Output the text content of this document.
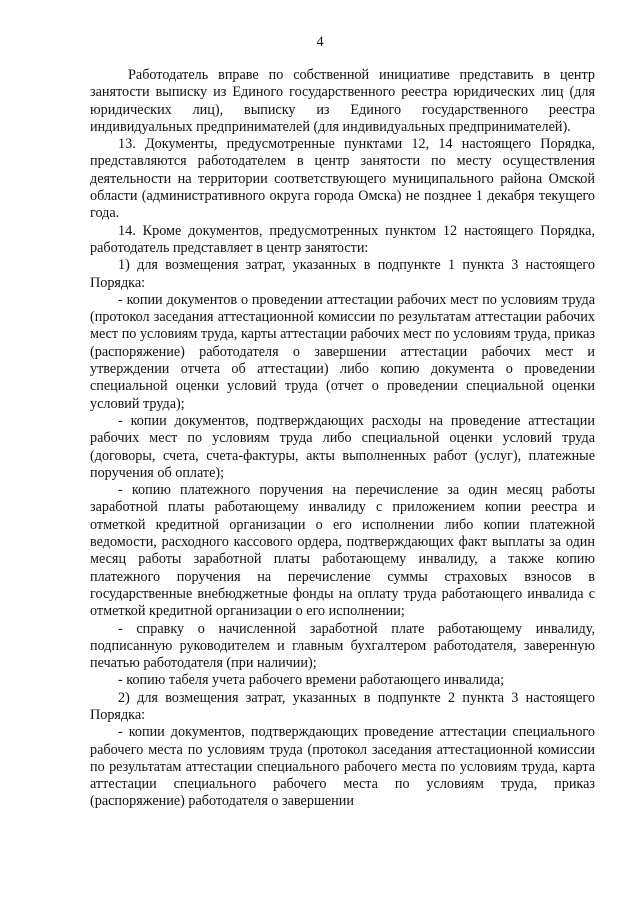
4

Работодатель вправе по собственной инициативе представить в центр занятости выписку из Единого государственного реестра юридических лиц (для юридических лиц), выписку из Единого государственного реестра индивидуальных предпринимателей (для индивидуальных предпринимателей).

13. Документы, предусмотренные пунктами 12, 14 настоящего Порядка, представляются работодателем в центр занятости по месту осуществления деятельности на территории соответствующего муниципального района Омской области (административного округа города Омска) не позднее 1 декабря текущего года.

14. Кроме документов, предусмотренных пунктом 12 настоящего Порядка, работодатель представляет в центр занятости:

1) для возмещения затрат, указанных в подпункте 1 пункта 3 настоящего Порядка:

- копии документов о проведении аттестации рабочих мест по условиям труда (протокол заседания аттестационной комиссии по результатам аттестации рабочих мест по условиям труда, карты аттестации рабочих мест по условиям труда, приказ (распоряжение) работодателя о завершении аттестации рабочих мест и утверждении отчета об аттестации) либо копию документа о проведении специальной оценки условий труда (отчет о проведении специальной оценки условий труда);

- копии документов, подтверждающих расходы на проведение аттестации рабочих мест по условиям труда либо специальной оценки условий труда (договоры, счета, счета-фактуры, акты выполненных работ (услуг), платежные поручения об оплате);

- копию платежного поручения на перечисление за один месяц работы заработной платы работающему инвалиду с приложением копии реестра и отметкой кредитной организации о его исполнении либо копии платежной ведомости, расходного кассового ордера, подтверждающих факт выплаты за один месяц работы заработной платы работающему инвалиду, а также копию платежного поручения на перечисление суммы страховых взносов в государственные внебюджетные фонды на оплату труда работающего инвалида с отметкой кредитной организации о его исполнении;

- справку о начисленной заработной плате работающему инвалиду, подписанную руководителем и главным бухгалтером работодателя, заверенную печатью работодателя (при наличии);

- копию табеля учета рабочего времени работающего инвалида;

2) для возмещения затрат, указанных в подпункте 2 пункта 3 настоящего Порядка:

- копии документов, подтверждающих проведение аттестации специального рабочего места по условиям труда (протокол заседания аттестационной комиссии по результатам аттестации специального рабочего места по условиям труда, карта аттестации специального рабочего места по условиям труда, приказ (распоряжение) работодателя о завершении
